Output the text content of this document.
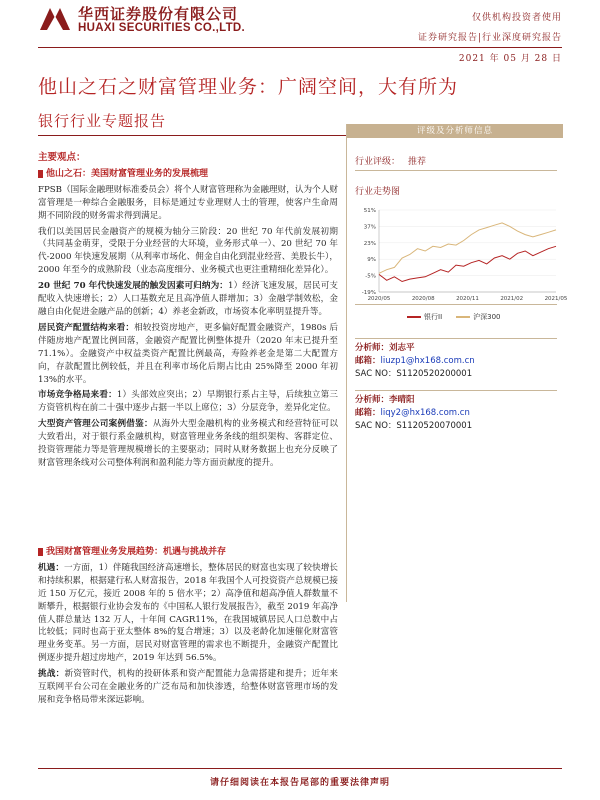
华西证券股份有限公司
HUAXI SECURITIES CO.,LTD.
仅供机构投资者使用
证券研究报告|行业深度研究报告
2021 年 05 月 28 日
他山之石之财富管理业务：广阔空间，大有所为
银行行业专题报告
评级及分析师信息
行业评级： 推荐
行业走势图
51%
37%
23%
9%
-5%
-19%
2020/05	2020/08	2020/11	2021/02	2021/05
银行II	沪深300
分析师：刘志平
邮箱：liuzp1@hx168.com.cn
SAC NO：S1120520200001
分析师：李晴阳
邮箱：liqy2@hx168.com.cn
SAC NO：S1120520070001
主要观点：
他山之石：美国财富管理业务的发展梳理
FPSB（国际金融理财标准委员会）将个人财富管理称为金融理财，认为个人财富管理是一种综合金融服务，目标是通过专业理财人士的管理，使客户生命周期不同阶段的财务需求得到满足。
我们以美国居民金融资产的规模为轴分三阶段：20 世纪 70 年代前发展初期（共同基金萌芽，受限于分业经营的大环境，业务形式单一）、20 世纪 70 年代-2000 年快速发展期（从利率市场化、佣金自由化到混业经营、美股长牛），2000 年至今的成熟阶段（业态高度细分、业务模式也更注重精细化差异化）。
20 世纪 70 年代快速发展的触发因素可归纳为：1）经济飞速发展，居民可支配收入快速增长；2）人口基数充足且高净值人群增加；3）金融学制效松，金融自由化促进金融产品的创新；4）养老金新政，市场资本化率明显提升等。
居民资产配置结构来看：相较投资房地产，更多偏好配置金融资产，1980s 后伴随房地产配置比例回落，金融资产配置比例整体提升（2020 年末已提升至 71.1%）。金融资产中权益类资产配置比例最高，寿险养老金是第二大配置方向，存款配置比例较低，并且在利率市场化后期占比由 25%降至 2000 年初 13%的水平。
市场竞争格局来看：1）头部效应突出；2）早期银行系占主导，后续独立第三方资管机构在前二十强中逐步占据一半以上席位；3）分层竞争，差异化定位。
大型资产管理公司案例借鉴：从海外大型金融机构的业务模式和经营特征可以大致看出，对于银行系金融机构，财富管理业务条线的组织架构、客群定位、投资管理能力等是管理规模增长的主要驱动；同时从财务数据上也充分反映了财富管理条线对公司整体利润和盈利能力等方面贡献度的提升。
我国财富管理业务发展趋势：机遇与挑战并存
机遇：一方面，1）伴随我国经济高速增长，整体居民的财富也实现了较快增长和持续积累，根据建行私人财富报告，2018 年我国个人可投资资产总规模已接近 150 万亿元，接近 2008 年的 5 倍水平；2）高净值和超高净值人群数量不断攀升，根据银行业协会发布的《中国私人银行发展报告》，截至 2019 年高净值人群总量达 132 万人，十年间 CAGR11%，在我国城镇居民人口总数中占比较低；同时也高于亚太整体 8%的复合增速；3）以及老龄化加速催化财富管理业务变革。另一方面，居民对财富管理的需求也不断提升，金融资产配置比例逐步提升超过房地产，2019 年达到 56.5%。
挑战：新资管时代，机构的投研体系和资产配置能力急需搭建和提升；近年来互联网平台公司在金融业务的广泛布局和加快渗透，给整体财富管理市场的发展和竞争格局带来深远影响。
请仔细阅读在本报告尾部的重要法律声明
